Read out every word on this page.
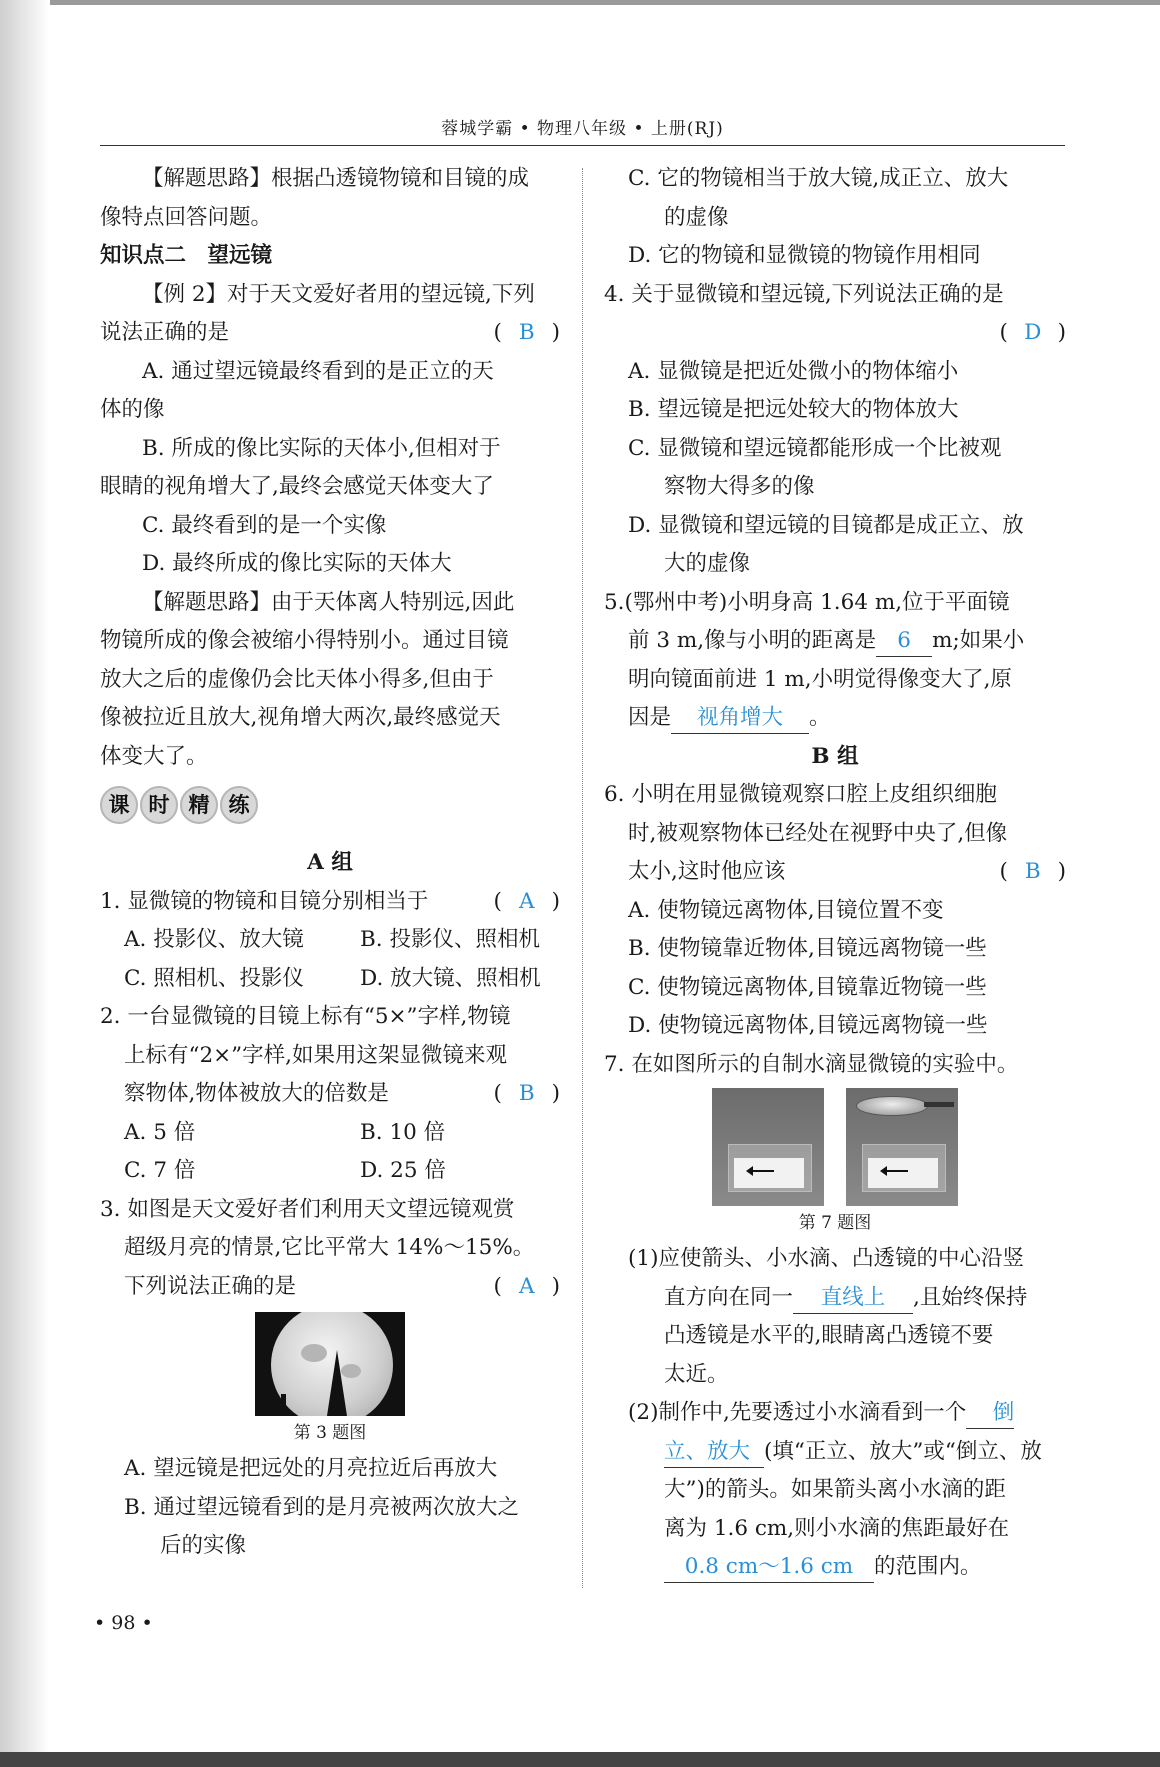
蓉城学霸 • 物理八年级 • 上册(RJ)
【解题思路】根据凸透镜物镜和目镜的成
像特点回答问题。
知识点二　望远镜
【例 2】对于天文爱好者用的望远镜,下列
说法正确的是	( B )
A. 通过望远镜最终看到的是正立的天
体的像
B. 所成的像比实际的天体小,但相对于
眼睛的视角增大了,最终会感觉天体变大了
C. 最终看到的是一个实像
D. 最终所成的像比实际的天体大
【解题思路】由于天体离人特别远,因此
物镜所成的像会被缩小得特别小。通过目镜
放大之后的虚像仍会比天体小得多,但由于
像被拉近且放大,视角增大两次,最终感觉天
体变大了。
课 时 精 练
A 组
1. 显微镜的物镜和目镜分别相当于	( A )
A. 投影仪、放大镜	B. 投影仪、照相机
C. 照相机、投影仪	D. 放大镜、照相机
2. 一台显微镜的目镜上标有“5×”字样,物镜
上标有“2×”字样,如果用这架显微镜来观
察物体,物体被放大的倍数是	( B )
A. 5 倍	B. 10 倍
C. 7 倍	D. 25 倍
3. 如图是天文爱好者们利用天文望远镜观赏
超级月亮的情景,它比平常大 14%～15%。
下列说法正确的是	( A )
第 3 题图
A. 望远镜是把远处的月亮拉近后再放大
B. 通过望远镜看到的是月亮被两次放大之
后的实像
C. 它的物镜相当于放大镜,成正立、放大
的虚像
D. 它的物镜和显微镜的物镜作用相同
4. 关于显微镜和望远镜,下列说法正确的是
( D )
A. 显微镜是把近处微小的物体缩小
B. 望远镜是把远处较大的物体放大
C. 显微镜和望远镜都能形成一个比被观
察物大得多的像
D. 显微镜和望远镜的目镜都是成正立、放
大的虚像
5.(鄂州中考)小明身高 1.64 m,位于平面镜
前 3 m,像与小明的距离是 6 m;如果小
明向镜面前进 1 m,小明觉得像变大了,原
因是 视角增大 。
B 组
6. 小明在用显微镜观察口腔上皮组织细胞
时,被观察物体已经处在视野中央了,但像
太小,这时他应该	( B )
A. 使物镜远离物体,目镜位置不变
B. 使物镜靠近物体,目镜远离物镜一些
C. 使物镜远离物体,目镜靠近物镜一些
D. 使物镜远离物体,目镜远离物镜一些
7. 在如图所示的自制水滴显微镜的实验中。
第 7 题图
(1)应使箭头、小水滴、凸透镜的中心沿竖
直方向在同一 直线上 ,且始终保持
凸透镜是水平的,眼睛离凸透镜不要
太近。
(2)制作中,先要透过小水滴看到一个 倒
立、放大 (填“正立、放大”或“倒立、放
大”)的箭头。如果箭头离小水滴的距
离为 1.6 cm,则小水滴的焦距最好在
0.8 cm～1.6 cm 的范围内。
• 98 •
